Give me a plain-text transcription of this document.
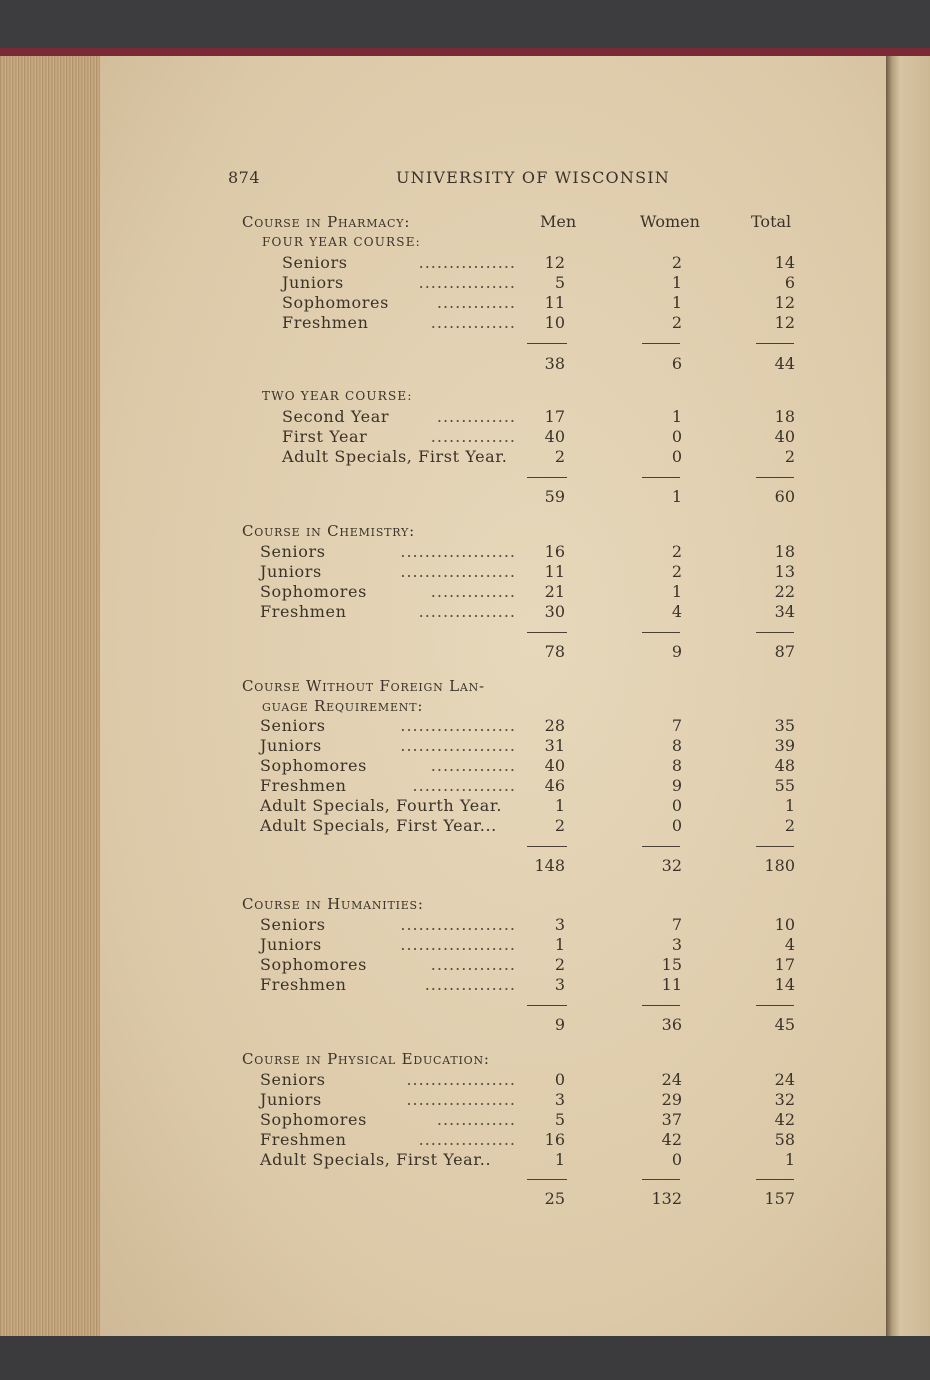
874	UNIVERSITY OF WISCONSIN
Men	Women	Total
Course in Pharmacy:
FOUR YEAR COURSE:
Seniors	................	12	2	14
Juniors	................	5	1	6
Sophomores	.............	11	1	12
Freshmen	..............	10	2	12
38	6	44
TWO YEAR COURSE:
Second Year	.............	17	1	18
First Year	..............	40	0	40
Adult Specials, First Year.	2	0	2
59	1	60
Course in Chemistry:
Seniors	...................	16	2	18
Juniors	...................	11	2	13
Sophomores	..............	21	1	22
Freshmen	................	30	4	34
78	9	87
Course Without Foreign Lan-
guage Requirement:
Seniors	...................	28	7	35
Juniors	...................	31	8	39
Sophomores	..............	40	8	48
Freshmen	.................	46	9	55
Adult Specials, Fourth Year.	1	0	1
Adult Specials, First Year...	2	0	2
148	32	180
Course in Humanities:
Seniors	...................	3	7	10
Juniors	...................	1	3	4
Sophomores	..............	2	15	17
Freshmen	...............	3	11	14
9	36	45
Course in Physical Education:
Seniors	..................	0	24	24
Juniors	..................	3	29	32
Sophomores	.............	5	37	42
Freshmen	................	16	42	58
Adult Specials, First Year..	1	0	1
25	132	157
